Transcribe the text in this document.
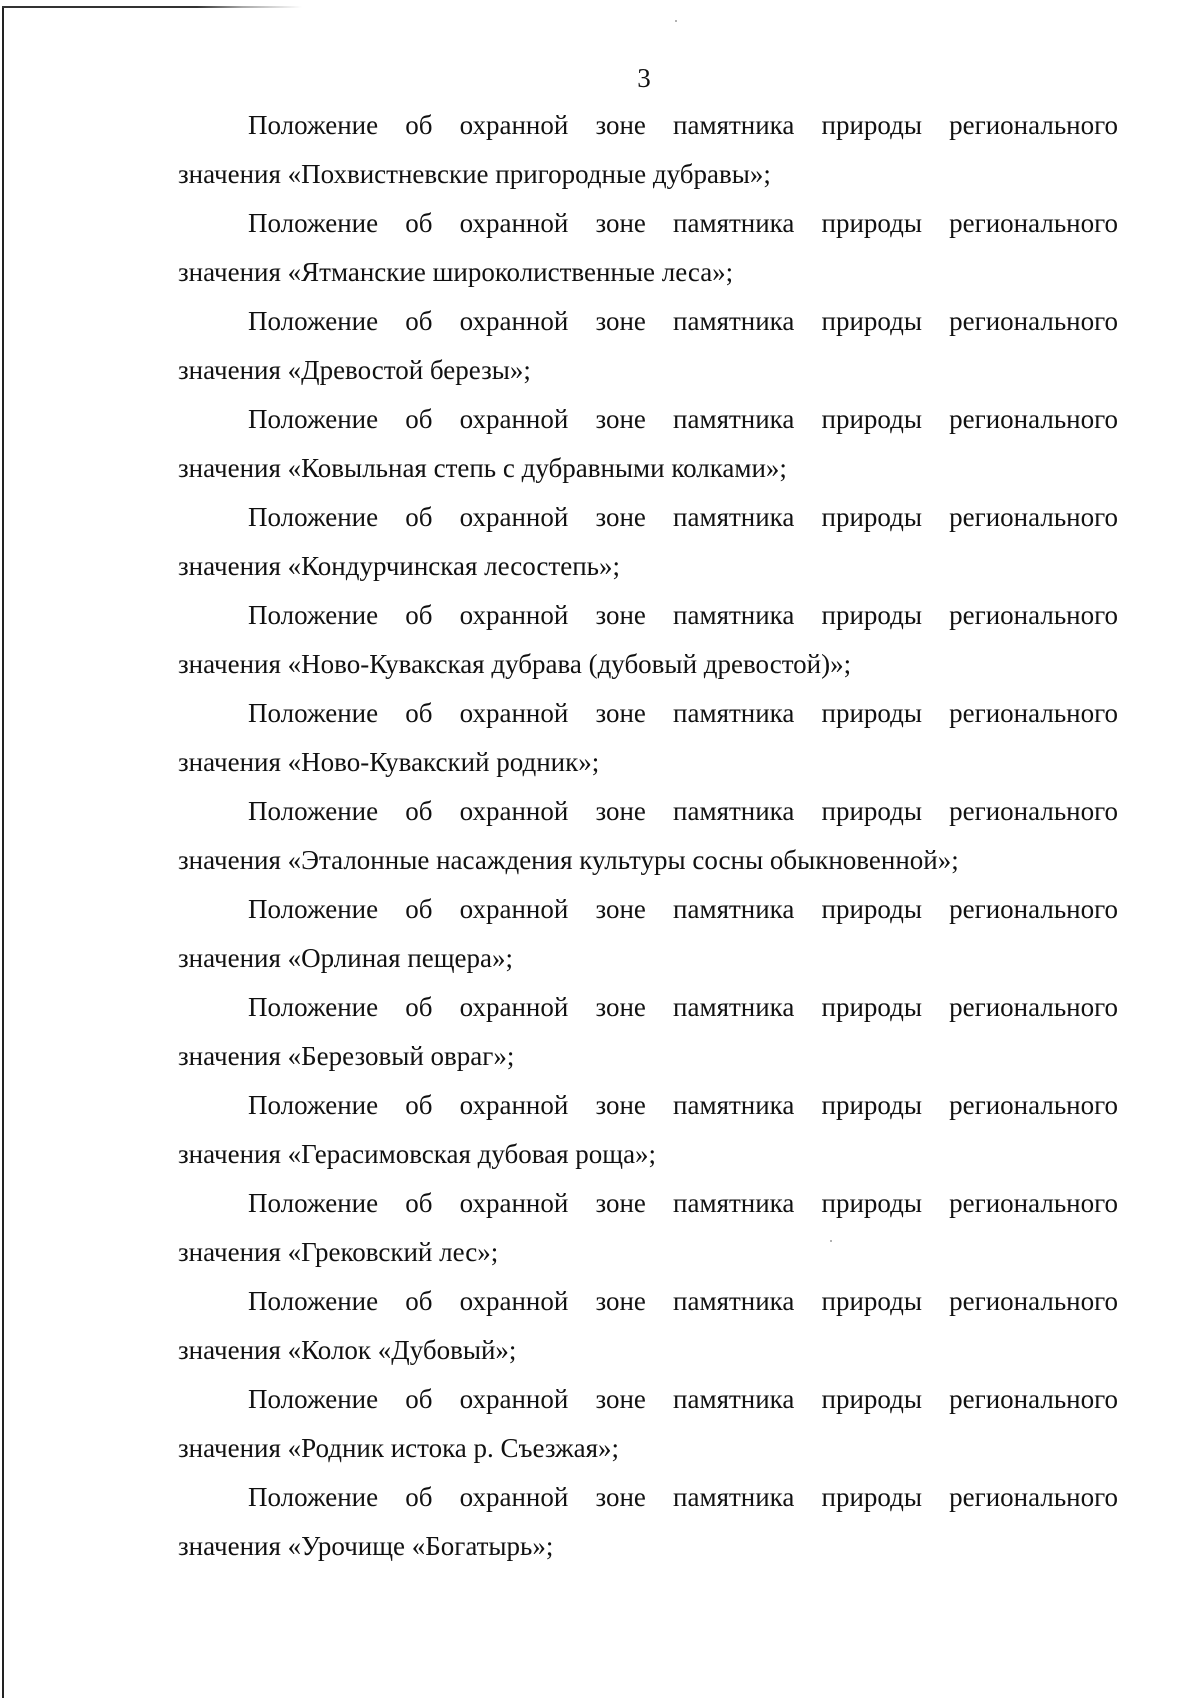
3
Положение об охранной зоне памятника природы регионального
значения «Похвистневские пригородные дубравы»;
Положение об охранной зоне памятника природы регионального
значения «Ятманские широколиственные леса»;
Положение об охранной зоне памятника природы регионального
значения «Древостой березы»;
Положение об охранной зоне памятника природы регионального
значения «Ковыльная степь с дубравными колками»;
Положение об охранной зоне памятника природы регионального
значения «Кондурчинская лесостепь»;
Положение об охранной зоне памятника природы регионального
значения «Ново-Кувакская дубрава (дубовый древостой)»;
Положение об охранной зоне памятника природы регионального
значения «Ново-Кувакский родник»;
Положение об охранной зоне памятника природы регионального
значения «Эталонные насаждения культуры сосны обыкновенной»;
Положение об охранной зоне памятника природы регионального
значения «Орлиная пещера»;
Положение об охранной зоне памятника природы регионального
значения «Березовый овраг»;
Положение об охранной зоне памятника природы регионального
значения «Герасимовская дубовая роща»;
Положение об охранной зоне памятника природы регионального
значения «Грековский лес»;
Положение об охранной зоне памятника природы регионального
значения «Колок «Дубовый»;
Положение об охранной зоне памятника природы регионального
значения «Родник истока р. Съезжая»;
Положение об охранной зоне памятника природы регионального
значения «Урочище «Богатырь»;
